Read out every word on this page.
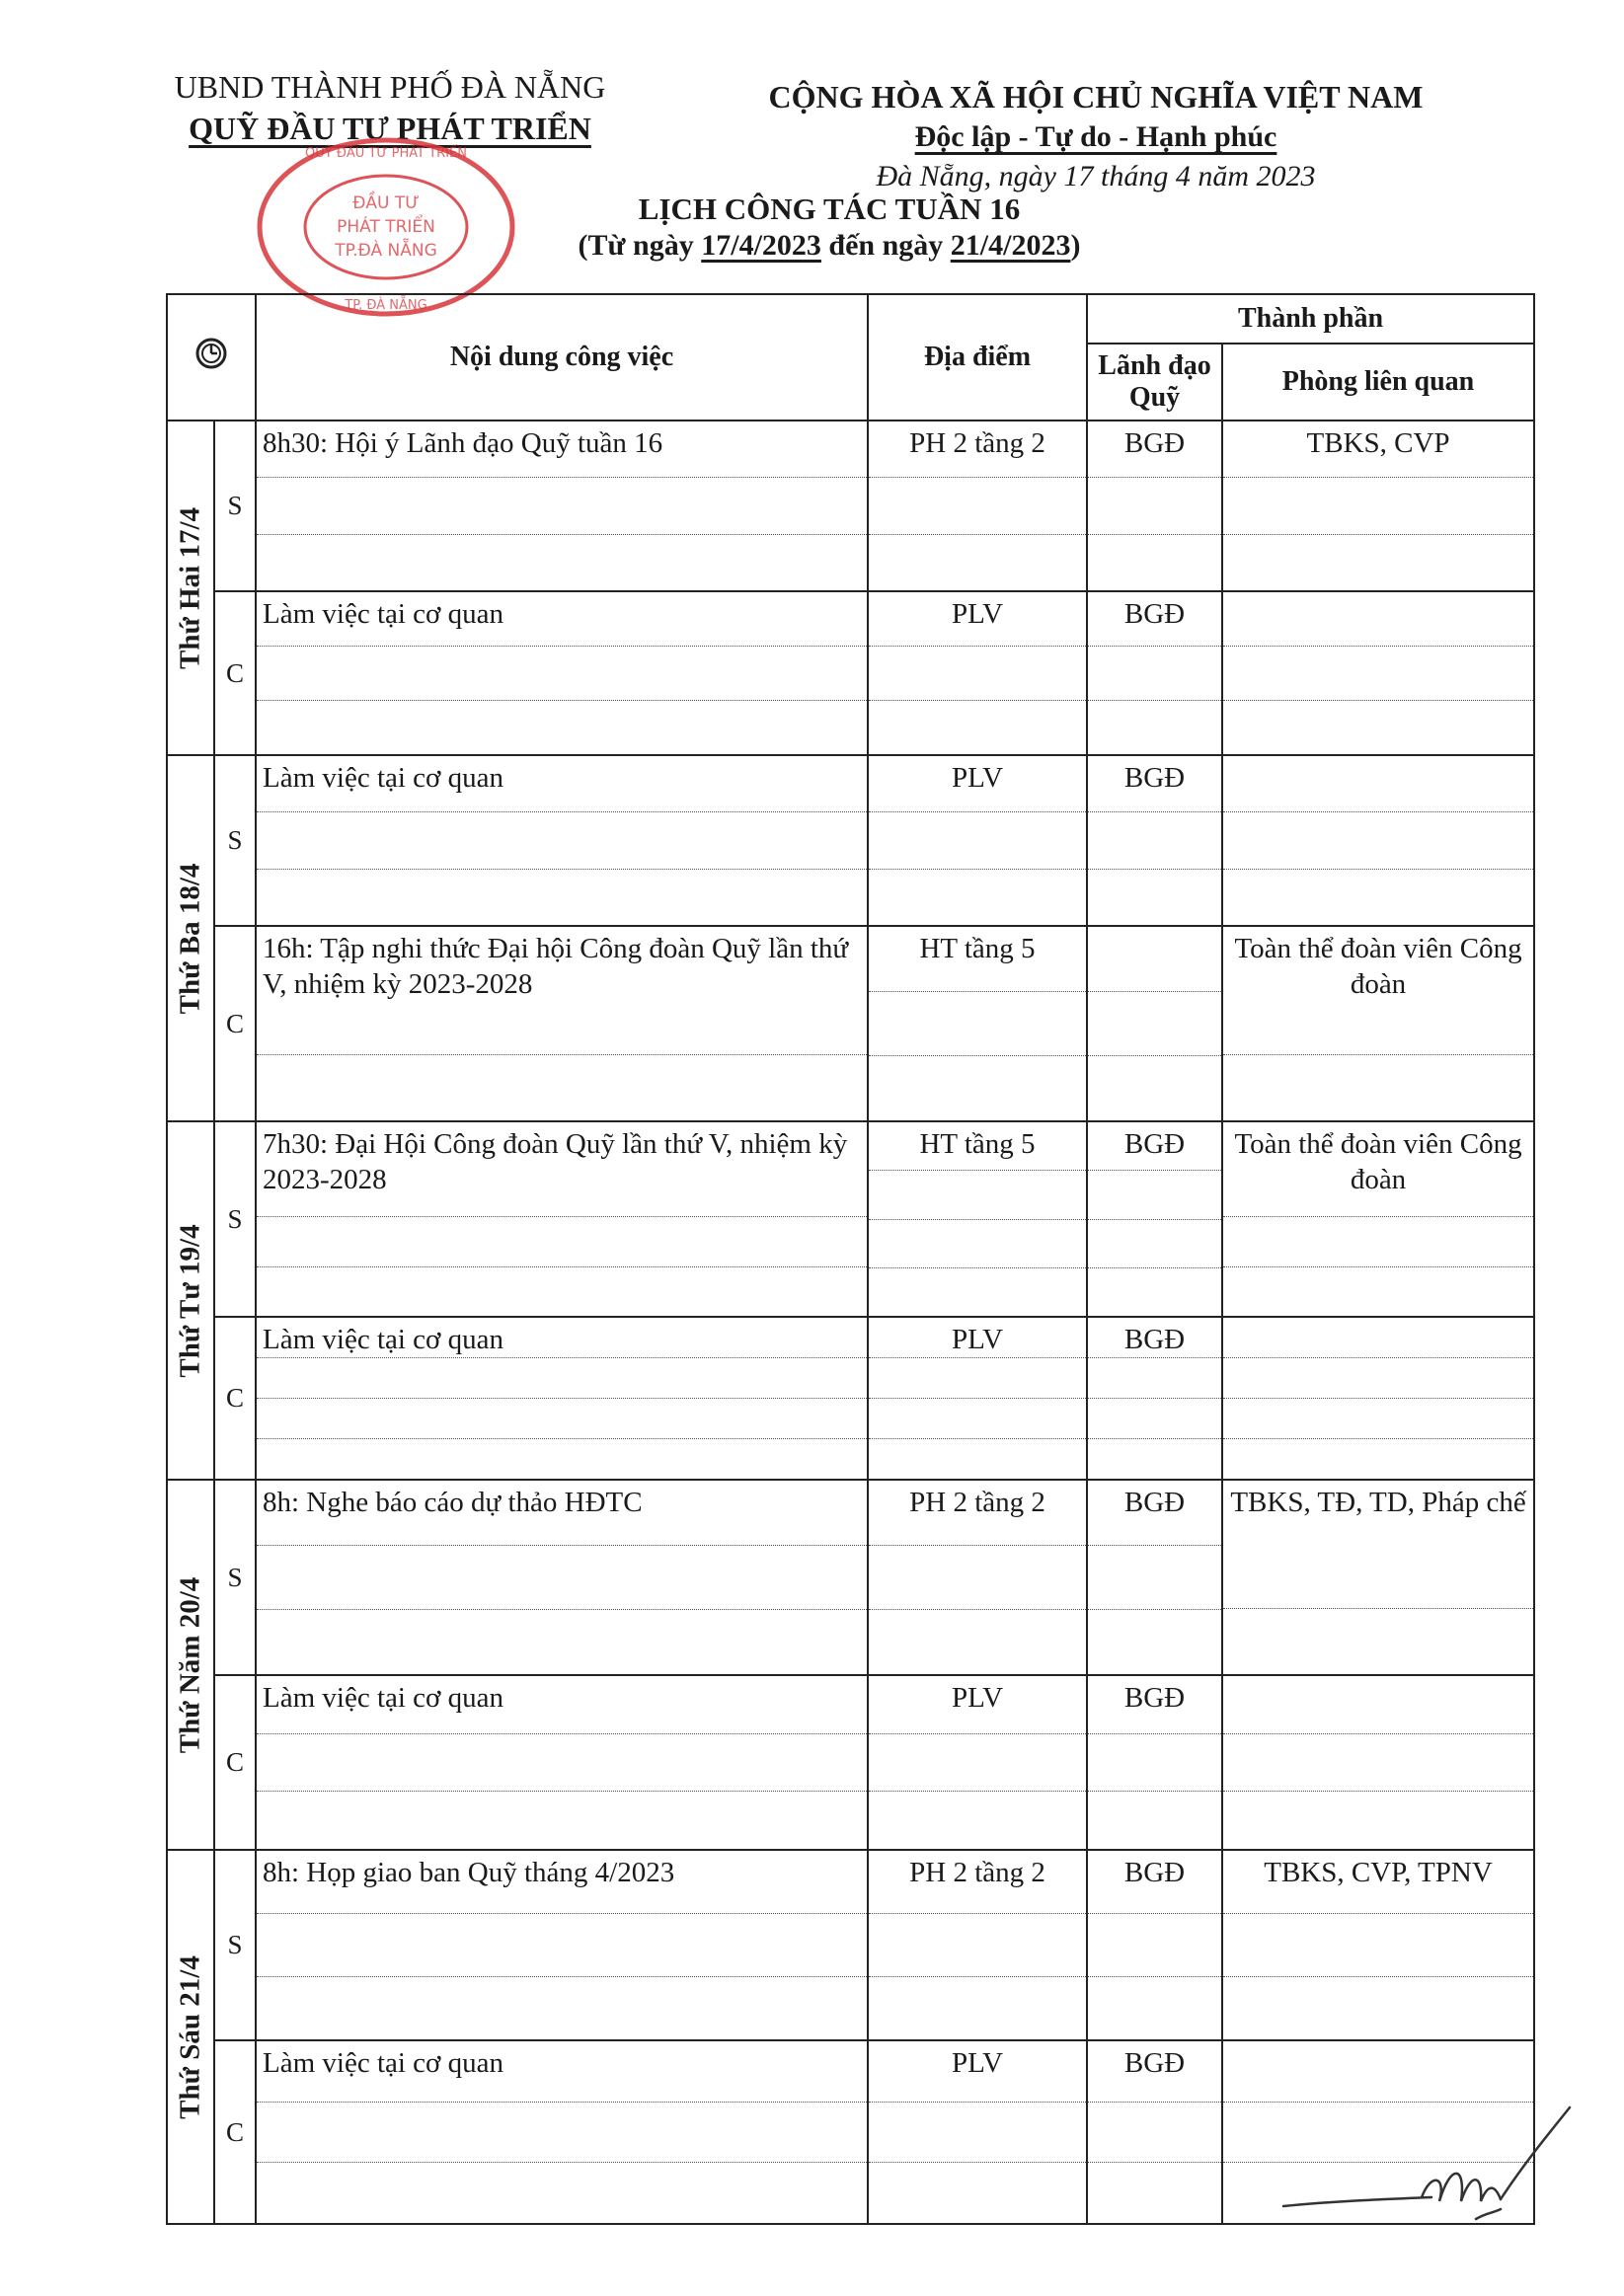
UBND THÀNH PHỐ ĐÀ NẴNG
QUỸ ĐẦU TƯ PHÁT TRIỂN
CỘNG HÒA XÃ HỘI CHỦ NGHĨA VIỆT NAM
Độc lập - Tự do - Hạnh phúc
Đà Nẵng, ngày 17 tháng 4 năm 2023
LỊCH CÔNG TÁC TUẦN 16
(Từ ngày 17/4/2023 đến ngày 21/4/2023)
ĐẦU TƯ
PHÁT TRIỂN
TP.ĐÀ NẴNG
QUỸ ĐẦU TƯ PHÁT TRIỂN
TP. ĐÀ NẴNG
	Nội dung công việc	Địa điểm	Thành phần	
				Lãnh đạo Quỹ	Phòng liên quan

Thứ Hai 17/4	S	8h30: Hội ý Lãnh đạo Quỹ tuần 16	PH 2 tầng 2	BGĐ	TBKS, CVP

	C	Làm việc tại cơ quan	PLV	BGĐ	

Thứ Ba 18/4	S	Làm việc tại cơ quan	PLV	BGĐ	

	C	16h: Tập nghi thức Đại hội Công đoàn Quỹ lần thứ V, nhiệm kỳ 2023-2028	HT tầng 5		Toàn thể đoàn viên Công đoàn

Thứ Tư 19/4	S	7h30: Đại Hội Công đoàn Quỹ lần thứ V, nhiệm kỳ 2023-2028	HT tầng 5	BGĐ	Toàn thể đoàn viên Công đoàn

	C	Làm việc tại cơ quan	PLV	BGĐ	

Thứ Năm 20/4	S	8h: Nghe báo cáo dự thảo HĐTC	PH 2 tầng 2	BGĐ	TBKS, TĐ, TD, Pháp chế

	C	Làm việc tại cơ quan	PLV	BGĐ	

Thứ Sáu 21/4	S	8h: Họp giao ban Quỹ tháng 4/2023	PH 2 tầng 2	BGĐ	TBKS, CVP, TPNV

	C	Làm việc tại cơ quan	PLV	BGĐ	
